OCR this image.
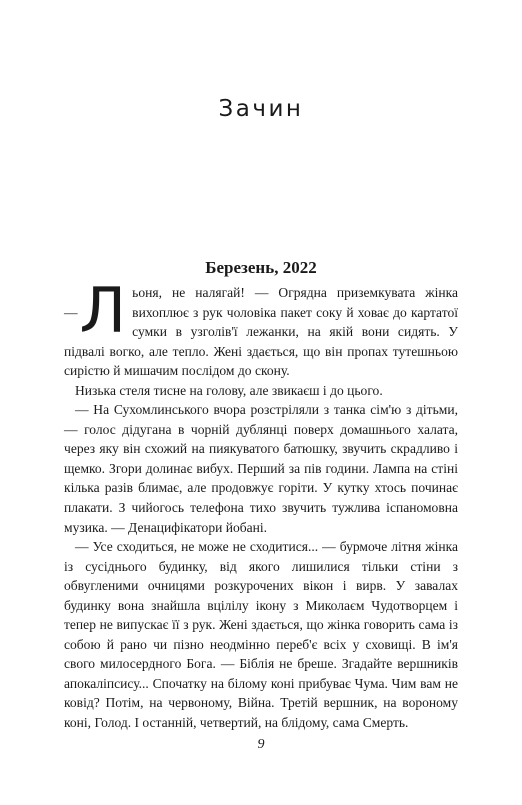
Зачин
Березень, 2022

— Л ьоня, не налягай! — Огрядна приземкувата жінка вихоплює з рук чоловіка пакет соку й ховає до картатої сумки в узголів'ї лежанки, на якій вони сидять. У підвалі вогко, але тепло. Жені здається, що він пропах тутешньою сирістю й мишачим послідом до скону.

Низька стеля тисне на голову, але звикаєш і до цього.

— На Сухомлинського вчора розстріляли з танка сім'ю з дітьми, — голос дідугана в чорній дублянці поверх домашнього халата, через яку він схожий на пиякуватого батюшку, звучить скрадливо і щемко. Згори долинає вибух. Перший за пів години. Лампа на стіні кілька разів блимає, але продовжує горіти. У кутку хтось починає плакати. З чийогось телефона тихо звучить тужлива іспаномовна музика. — Денацифікатори йобані.

— Усе сходиться, не може не сходитися... — бурмоче літня жінка із сусіднього будинку, від якого лишилися тільки стіни з обвугленими очницями розкурочених вікон і вирв. У завалах будинку вона знайшла вцілілу ікону з Миколаєм Чудотворцем і тепер не випускає її з рук. Жені здається, що жінка говорить сама із собою й рано чи пізно неодмінно переб'є всіх у сховищі. В ім'я свого милосердного Бога. — Біблія не бреше. Згадайте вершників апокаліпсису... Спочатку на білому коні прибуває Чума. Чим вам не ковід? Потім, на червоному, Війна. Третій вершник, на вороному коні, Голод. І останній, четвертий, на блідому, сама Смерть.

9
